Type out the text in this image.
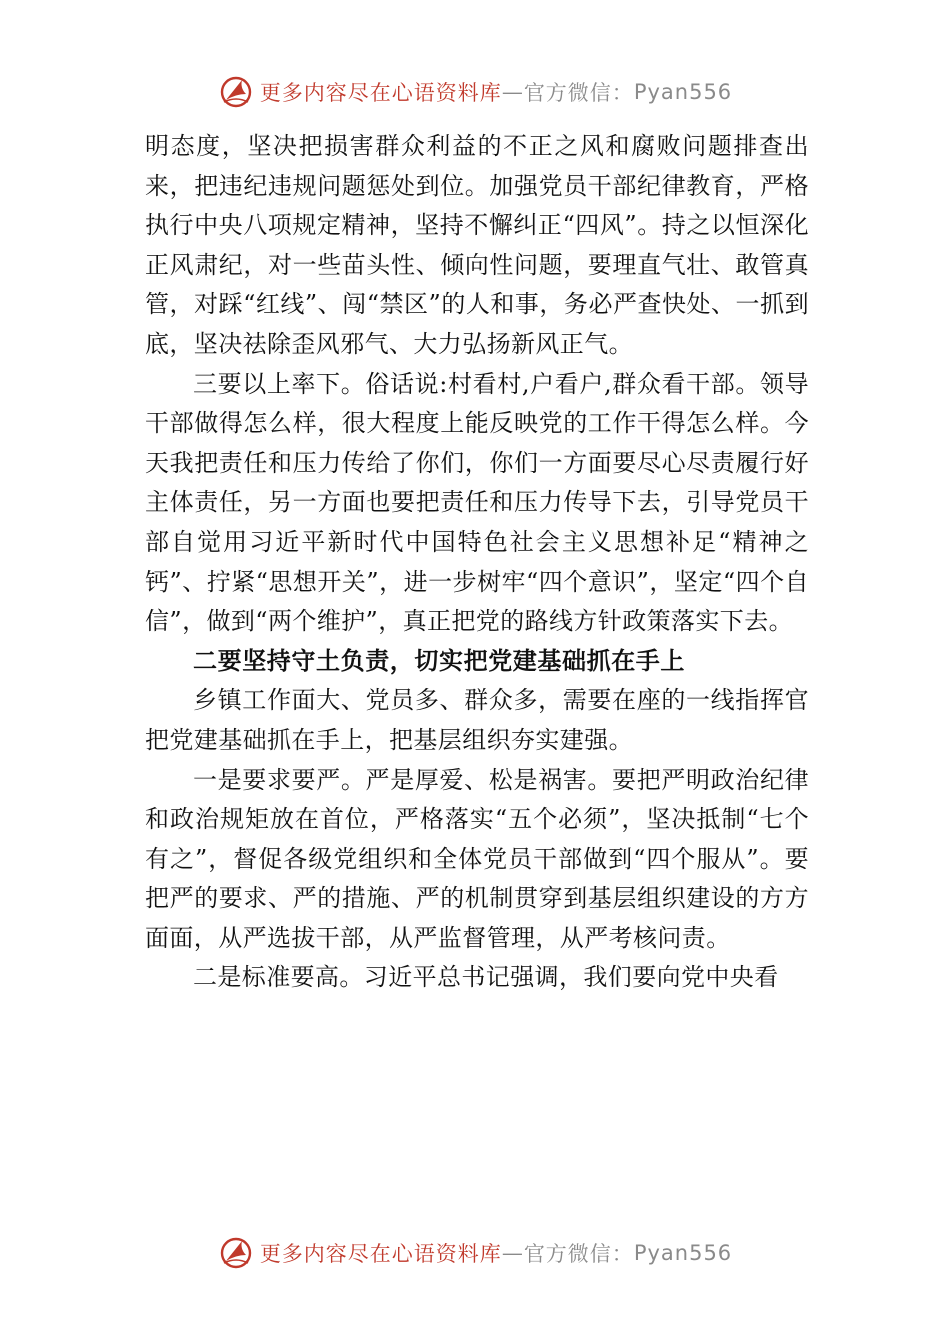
更多内容尽在心语资料库 — 官方微信： Pyan556

明态度，坚决把损害群众利益的不正之风和腐败问题排查出来，把违纪违规问题惩处到位。加强党员干部纪律教育，严格执行中央八项规定精神，坚持不懈纠正“四风”。持之以恒深化正风肃纪，对一些苗头性、倾向性问题，要理直气壮、敢管真管，对踩“红线”、闯“禁区”的人和事，务必严查快处、一抓到底，坚决祛除歪风邪气、大力弘扬新风正气。

三要以上率下。俗话说:村看村,户看户,群众看干部。领导干部做得怎么样，很大程度上能反映党的工作干得怎么样。今天我把责任和压力传给了你们，你们一方面要尽心尽责履行好主体责任，另一方面也要把责任和压力传导下去，引导党员干部自觉用习近平新时代中国特色社会主义思想补足“精神之钙”、拧紧“思想开关”，进一步树牢“四个意识”，坚定“四个自信”，做到“两个维护”，真正把党的路线方针政策落实下去。

二要坚持守土负责，切实把党建基础抓在手上

乡镇工作面大、党员多、群众多，需要在座的一线指挥官把党建基础抓在手上，把基层组织夯实建强。

一是要求要严。严是厚爱、松是祸害。要把严明政治纪律和政治规矩放在首位，严格落实“五个必须”，坚决抵制“七个有之”，督促各级党组织和全体党员干部做到“四个服从”。要把严的要求、严的措施、严的机制贯穿到基层组织建设的方方面面，从严选拔干部，从严监督管理，从严考核问责。

二是标准要高。习近平总书记强调，我们要向党中央看

更多内容尽在心语资料库 — 官方微信： Pyan556
